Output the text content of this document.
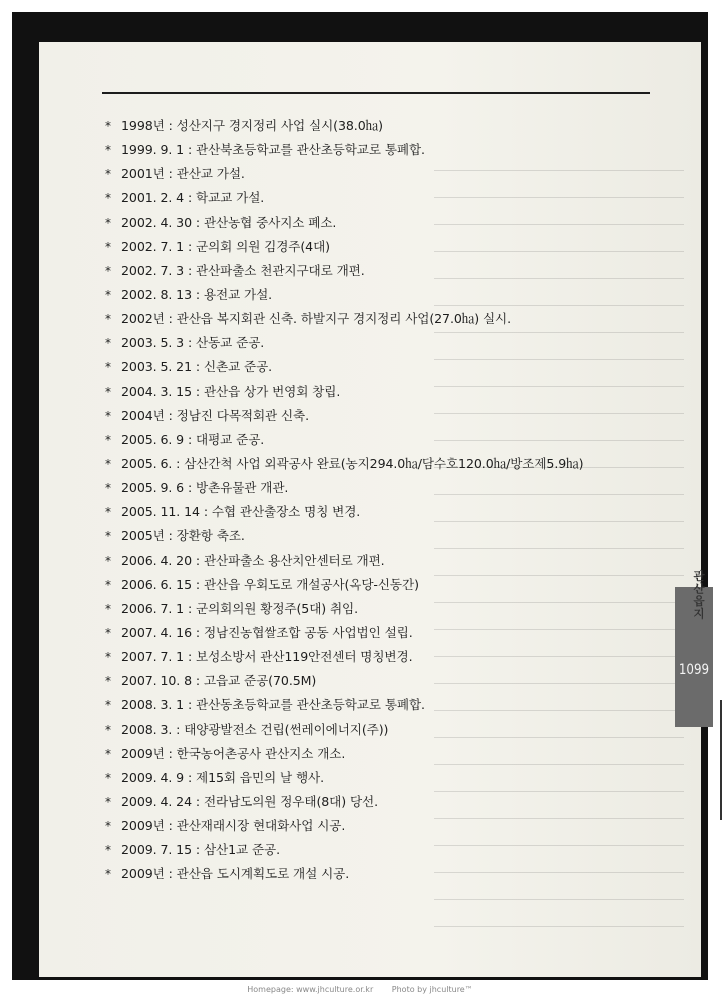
* 1998년 : 성산지구 경지정리 사업 실시(38.0㏊)
* 1999. 9. 1 : 관산북초등학교를 관산초등학교로 통폐합.
* 2001년 : 관산교 가설.
* 2001. 2. 4 : 학교교 가설.
* 2002. 4. 30 : 관산농협 중사지소 폐소.
* 2002. 7. 1 : 군의회 의원 김경주(4대)
* 2002. 7. 3 : 관산파출소 천관지구대로 개편.
* 2002. 8. 13 : 용전교 가설.
* 2002년 : 관산읍 복지회관 신축. 하발지구 경지정리 사업(27.0㏊) 실시.
* 2003. 5. 3 : 산동교 준공.
* 2003. 5. 21 : 신촌교 준공.
* 2004. 3. 15 : 관산읍 상가 번영회 창립.
* 2004년 : 정남진 다목적회관 신축.
* 2005. 6. 9 : 대평교 준공.
* 2005. 6. : 삼산간척 사업 외곽공사 완료(농지294.0㏊/담수호120.0㏊/방조제5.9㏊)
* 2005. 9. 6 : 방촌유물관 개관.
* 2005. 11. 14 : 수협 관산출장소 명칭 변경.
* 2005년 : 장환항 축조.
* 2006. 4. 20 : 관산파출소 용산치안센터로 개편.
* 2006. 6. 15 : 관산읍 우회도로 개설공사(옥당-신동간)
* 2006. 7. 1 : 군의회의원 황정주(5대) 취임.
* 2007. 4. 16 : 정남진농협쌀조합 공동 사업법인 설립.
* 2007. 7. 1 : 보성소방서 관산119안전센터 명칭변경.
* 2007. 10. 8 : 고읍교 준공(70.5M)
* 2008. 3. 1 : 관산동초등학교를 관산초등학교로 통폐합.
* 2008. 3. : 태양광발전소 건립(썬레이에너지(주))
* 2009년 : 한국농어촌공사 관산지소 개소.
* 2009. 4. 9 : 제15회 읍민의 날 행사.
* 2009. 4. 24 : 전라남도의원 정우태(8대) 당선.
* 2009년 : 관산재래시장 현대화사업 시공.
* 2009. 7. 15 : 삼산1교 준공.
* 2009년 : 관산읍 도시계획도로 개설 시공.
관산읍지
1099
Homepage: www.jhculture.or.kr Photo by jhculture™
